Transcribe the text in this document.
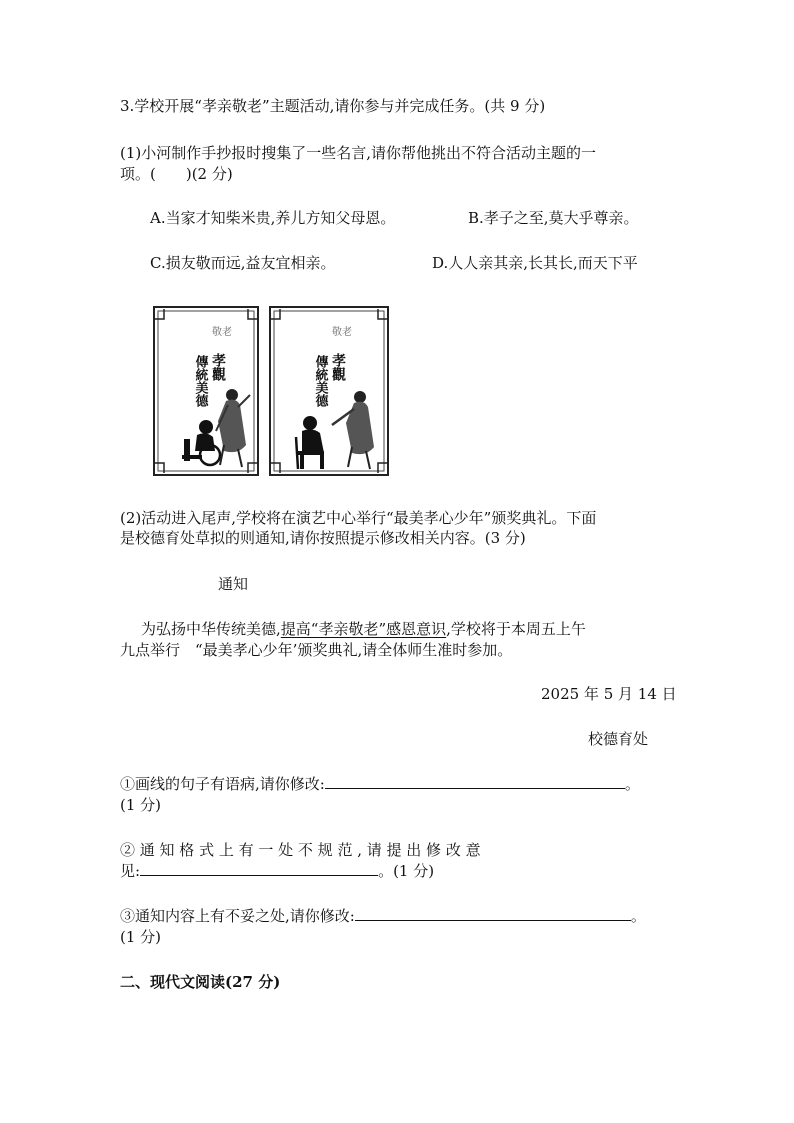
3.学校开展“孝亲敬老”主题活动,请你参与并完成任务。(共 9 分)
(1)小河制作手抄报时搜集了一些名言,请你帮他挑出不符合活动主题的一
项。(　　)(2 分)
A.当家才知柴米贵,养儿方知父母恩。	B.孝子之至,莫大乎尊亲。
C.损友敬而远,益友宜相亲。	D.人人亲其亲,长其长,而天下平
敬老
孝觀
傳統美德
敬老
孝觀
傳統美德
(2)活动进入尾声,学校将在演艺中心举行“最美孝心少年”颁奖典礼。下面
是校德育处草拟的则通知,请你按照提示修改相关内容。(3 分)
通知
为弘扬中华传统美德,提高“孝亲敬老”感恩意识,学校将于本周五上午
九点举行　“最美孝心少年’颁奖典礼,请全体师生准时参加。
2025 年 5 月 14 日
校德育处
①画线的句子有语病,请你修改:	。
(1 分)
② 通 知 格 式 上 有 一 处 不 规 范 , 请 提 出 修 改 意
见:	。(1 分)
③通知内容上有不妥之处,请你修改:	。
(1 分)
二、现代文阅读(27 分)
